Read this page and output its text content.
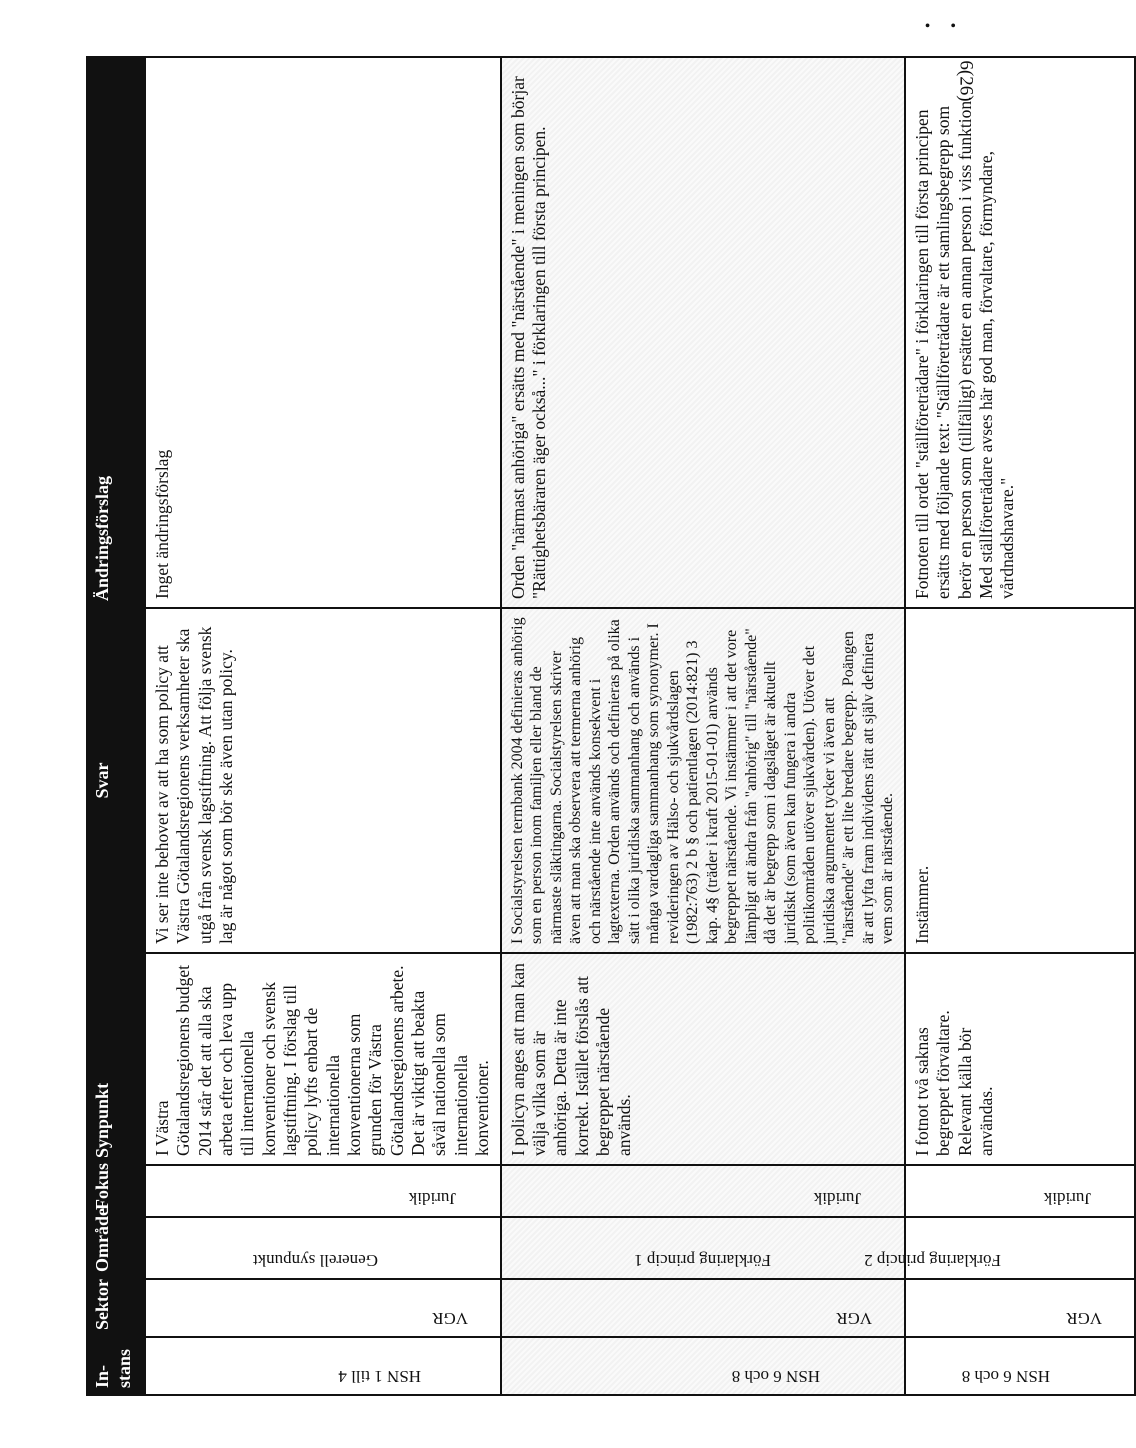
• •
6(26)
In-
stans	Sektor	Område	Fokus	Synpunkt	Svar	Ändringsförslag

HSN 1 till 4	VGR	Generell synpunkt	Juridik	I Västra Götalandsregionens budget 2014 står det att alla ska arbeta efter och leva upp till internationella konventioner och svensk lagstiftning. I förslag till policy lyfts enbart de internationella konventionerna som grunden för Västra Götalandsregionens arbete. Det är viktigt att beakta såväl nationella som internationella konventioner.	Vi ser inte behovet av att ha som policy att Västra Götalandsregionens verksamheter ska utgå från svensk lagstiftning. Att följa svensk lag är något som bör ske även utan policy.	Inget ändringsförslag

HSN 6 och 8	VGR	Förklaring princip 1	Juridik	I policyn anges att man kan välja vilka som är anhöriga. Detta är inte korrekt. Istället förslås att begreppet närstående används.	I Socialstyrelsen termbank 2004 definieras anhörig som en person inom familjen eller bland de närmaste släktingarna. Socialstyrelsen skriver även att man ska observera att termerna anhörig och närstående inte används konsekvent i lagtexterna. Orden används och definieras på olika sätt i olika juridiska sammanhang och används i många vardagliga sammanhang som synonymer. I revideringen av Hälso- och sjukvårdslagen (1982:763) 2 b § och patientlagen (2014:821) 3 kap. 4§ (träder i kraft 2015-01-01) används begreppet närstående. Vi instämmer i att det vore lämpligt att ändra från "anhörig" till "närstående" då det är begrepp som i dagsläget är aktuellt juridiskt (som även kan fungera i andra politikområden utöver sjukvården). Utöver det juridiska argumentet tycker vi även att "närstående" är ett lite bredare begrepp. Poängen är att lyfta fram individens rätt att själv definiera vem som är närstående.	Orden "närmast anhöriga" ersätts med "närstående" i meningen som börjar "Rättighetsbäraren äger också..." i förklaringen till första principen.

HSN 6 och 8	VGR	Förklaring princip 2	Juridik	I fotnot två saknas begreppet förvaltare. Relevant källa bör användas.	Instämmer.	Fotnoten till ordet "ställföreträdare" i förklaringen till första principen ersätts med följande text: "Ställföreträdare är ett samlingsbegrepp som berör en person som (tillfälligt) ersätter en annan person i viss funktion. Med ställföreträdare avses här god man, förvaltare, förmyndare, vårdnadshavare."
